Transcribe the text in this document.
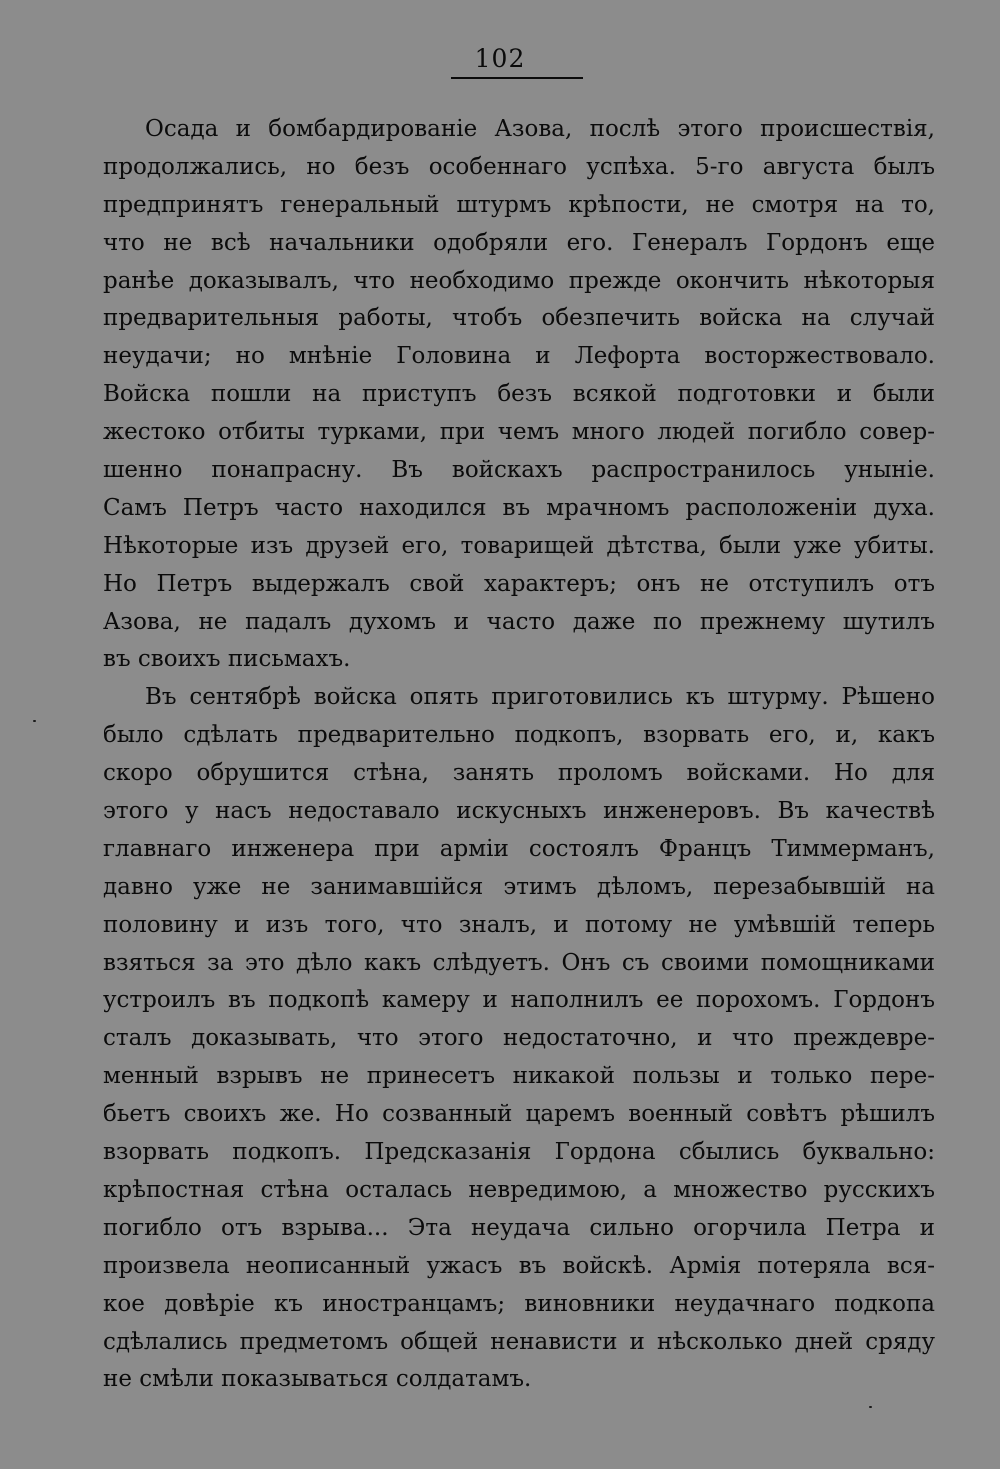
102
Осада и бомбардированіе Азова, послѣ этого происшествія,
продолжались, но безъ особеннаго успѣха. 5-го августа былъ
предпринятъ генеральный штурмъ крѣпости, не смотря на то,
что не всѣ начальники одобряли его. Генералъ Гордонъ еще
ранѣе доказывалъ, что необходимо прежде окончить нѣкоторыя
предварительныя работы, чтобъ обезпечить войска на случай
неудачи; но мнѣніе Головина и Лефорта восторжествовало.
Войска пошли на приступъ безъ всякой подготовки и были
жестоко отбиты турками, при чемъ много людей погибло совер-
шенно понапрасну. Въ войскахъ распространилось уныніе.
Самъ Петръ часто находился въ мрачномъ расположеніи духа.
Нѣкоторые изъ друзей его, товарищей дѣтства, были уже убиты.
Но Петръ выдержалъ свой характеръ; онъ не отступилъ отъ
Азова, не падалъ духомъ и часто даже по прежнему шутилъ
въ своихъ письмахъ.
Въ сентябрѣ войска опять приготовились къ штурму. Рѣшено
было сдѣлать предварительно подкопъ, взорвать его, и, какъ
скоро обрушится стѣна, занять проломъ войсками. Но для
этого у насъ недоставало искусныхъ инженеровъ. Въ качествѣ
главнаго инженера при арміи состоялъ Францъ Тиммерманъ,
давно уже не занимавшійся этимъ дѣломъ, перезабывшій на
половину и изъ того, что зналъ, и потому не умѣвшій теперь
взяться за это дѣло какъ слѣдуетъ. Онъ съ своими помощниками
устроилъ въ подкопѣ камеру и наполнилъ ее порохомъ. Гордонъ
сталъ доказывать, что этого недостаточно, и что преждевре-
менный взрывъ не принесетъ никакой пользы и только пере-
бьетъ своихъ же. Но созванный царемъ военный совѣтъ рѣшилъ
взорвать подкопъ. Предсказанія Гордона сбылись буквально:
крѣпостная стѣна осталась невредимою, а множество русскихъ
погибло отъ взрыва... Эта неудача сильно огорчила Петра и
произвела неописанный ужасъ въ войскѣ. Армія потеряла вся-
кое довѣріе къ иностранцамъ; виновники неудачнаго подкопа
сдѣлались предметомъ общей ненависти и нѣсколько дней сряду
не смѣли показываться солдатамъ.
